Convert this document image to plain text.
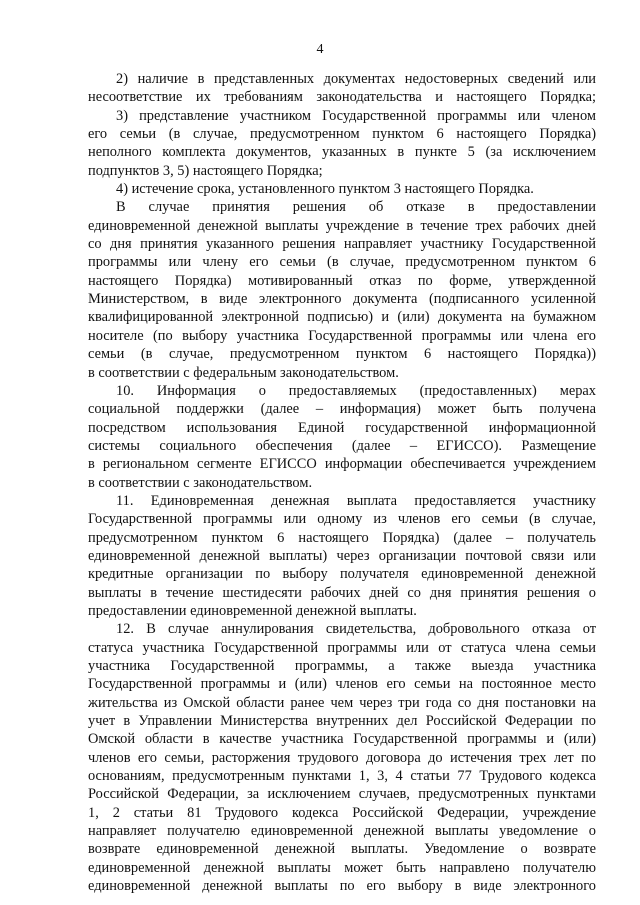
4
2) наличие в представленных документах недостоверных сведений или
несоответствие их требованиям законодательства и настоящего Порядка;
3) представление участником Государственной программы или членом
его семьи (в случае, предусмотренном пунктом 6 настоящего Порядка)
неполного комплекта документов, указанных в пункте 5 (за исключением
подпунктов 3, 5) настоящего Порядка;
4) истечение срока, установленного пунктом 3 настоящего Порядка.
В случае принятия решения об отказе в предоставлении
единовременной денежной выплаты учреждение в течение трех рабочих дней
со дня принятия указанного решения направляет участнику Государственной
программы или члену его семьи (в случае, предусмотренном пунктом 6
настоящего Порядка) мотивированный отказ по форме, утвержденной
Министерством, в виде электронного документа (подписанного усиленной
квалифицированной электронной подписью) и (или) документа на бумажном
носителе (по выбору участника Государственной программы или члена его
семьи (в случае, предусмотренном пунктом 6 настоящего Порядка))
в соответствии с федеральным законодательством.
10. Информация о предоставляемых (предоставленных) мерах
социальной поддержки (далее – информация) может быть получена
посредством использования Единой государственной информационной
системы социального обеспечения (далее – ЕГИССО). Размещение
в региональном сегменте ЕГИССО информации обеспечивается учреждением
в соответствии с законодательством.
11. Единовременная денежная выплата предоставляется участнику
Государственной программы или одному из членов его семьи (в случае,
предусмотренном пунктом 6 настоящего Порядка) (далее – получатель
единовременной денежной выплаты) через организации почтовой связи или
кредитные организации по выбору получателя единовременной денежной
выплаты в течение шестидесяти рабочих дней со дня принятия решения о
предоставлении единовременной денежной выплаты.
12. В случае аннулирования свидетельства, добровольного отказа от
статуса участника Государственной программы или от статуса члена семьи
участника Государственной программы, а также выезда участника
Государственной программы и (или) членов его семьи на постоянное место
жительства из Омской области ранее чем через три года со дня постановки на
учет в Управлении Министерства внутренних дел Российской Федерации по
Омской области в качестве участника Государственной программы и (или)
членов его семьи, расторжения трудового договора до истечения трех лет по
основаниям, предусмотренным пунктами 1, 3, 4 статьи 77 Трудового кодекса
Российской Федерации, за исключением случаев, предусмотренных пунктами
1, 2 статьи 81 Трудового кодекса Российской Федерации, учреждение
направляет получателю единовременной денежной выплаты уведомление о
возврате единовременной денежной выплаты. Уведомление о возврате
единовременной денежной выплаты может быть направлено получателю
единовременной денежной выплаты по его выбору в виде электронного
